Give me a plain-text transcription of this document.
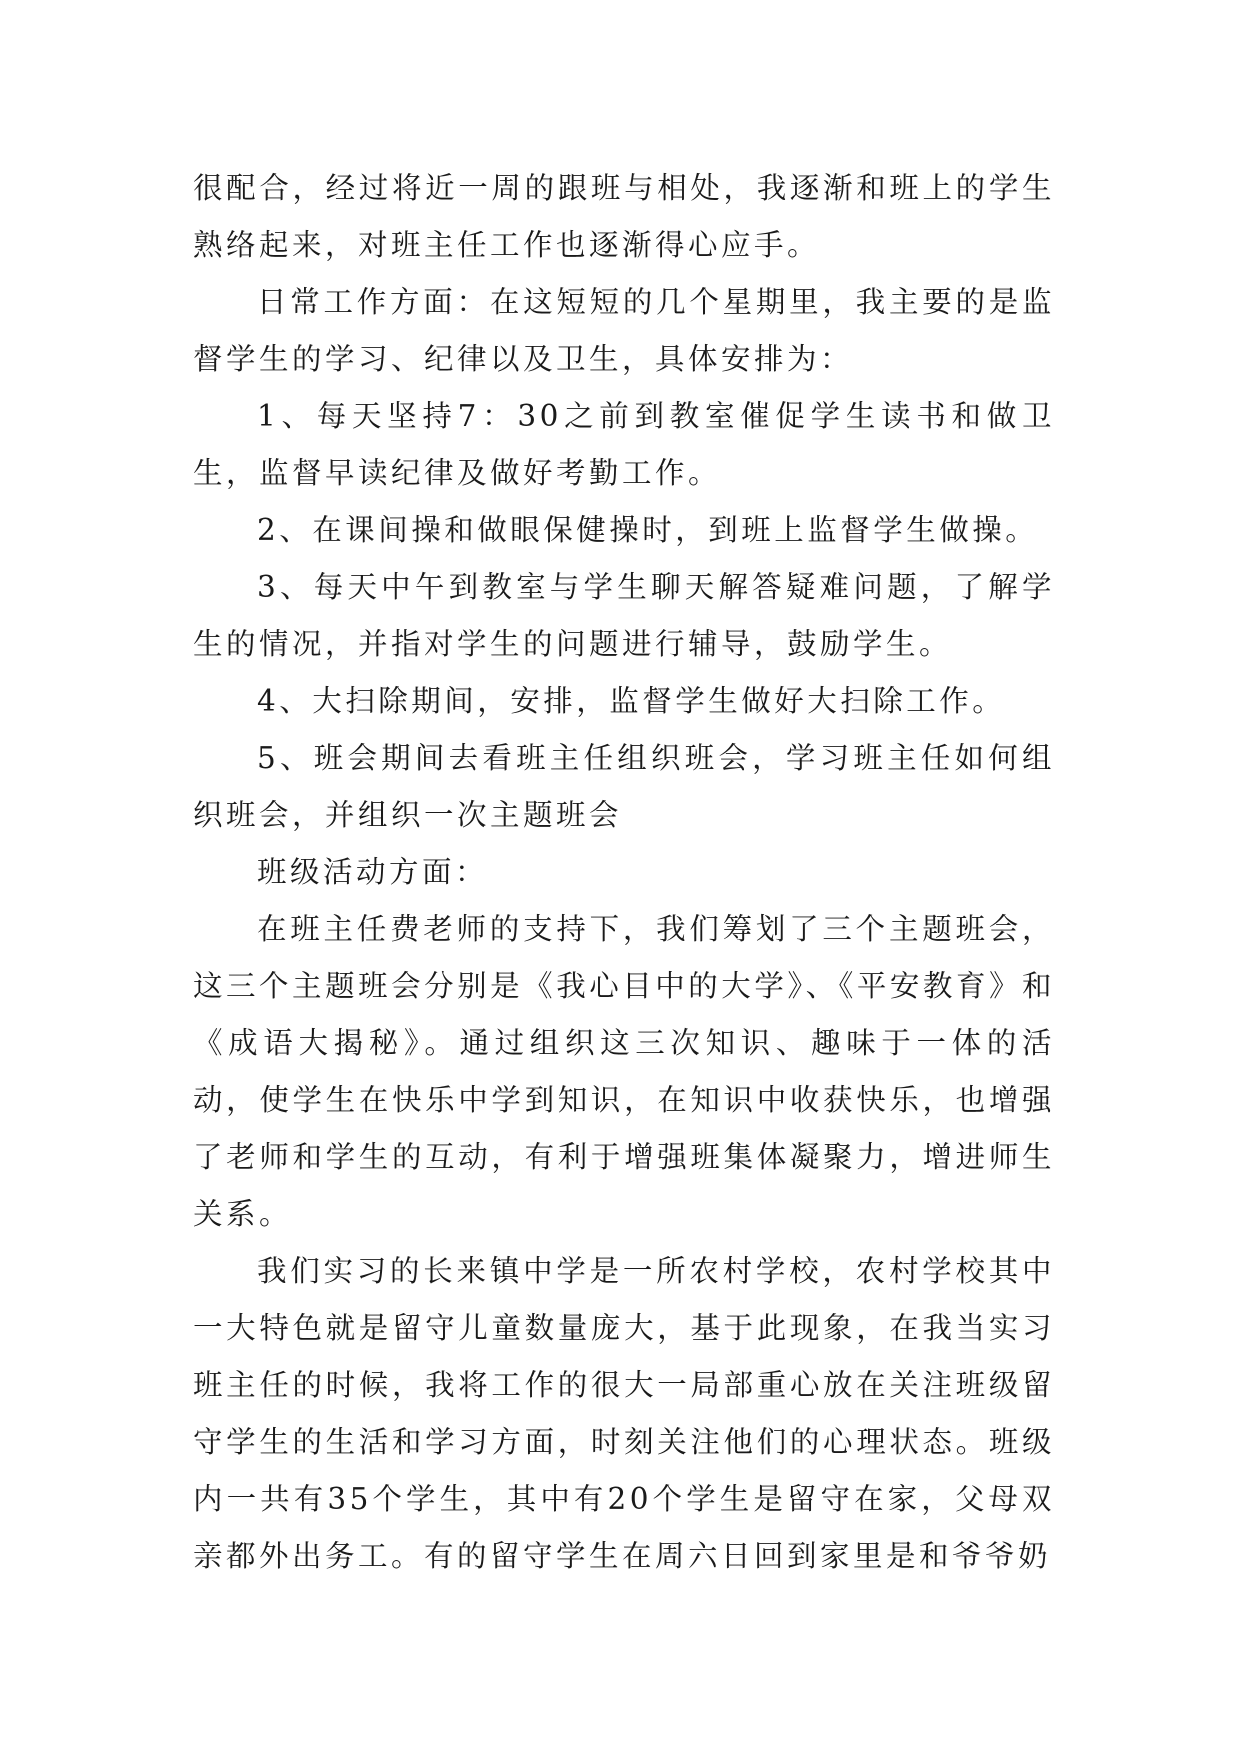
很配合，经过将近一周的跟班与相处，我逐渐和班上的学生熟络起来，对班主任工作也逐渐得心应手。

日常工作方面：在这短短的几个星期里，我主要的是监督学生的学习、纪律以及卫生，具体安排为：

1、每天坚持7：30之前到教室催促学生读书和做卫生，监督早读纪律及做好考勤工作。

2、在课间操和做眼保健操时，到班上监督学生做操。

3、每天中午到教室与学生聊天解答疑难问题，了解学生的情况，并指对学生的问题进行辅导，鼓励学生。

4、大扫除期间，安排，监督学生做好大扫除工作。

5、班会期间去看班主任组织班会，学习班主任如何组织班会，并组织一次主题班会

班级活动方面：

在班主任费老师的支持下，我们筹划了三个主题班会，这三个主题班会分别是《我心目中的大学》、《平安教育》和《成语大揭秘》。通过组织这三次知识、趣味于一体的活动，使学生在快乐中学到知识，在知识中收获快乐，也增强了老师和学生的互动，有利于增强班集体凝聚力，增进师生关系。

我们实习的长来镇中学是一所农村学校，农村学校其中一大特色就是留守儿童数量庞大，基于此现象，在我当实习班主任的时候，我将工作的很大一局部重心放在关注班级留守学生的生活和学习方面，时刻关注他们的心理状态。班级内一共有35个学生，其中有20个学生是留守在家，父母双亲都外出务工。有的留守学生在周六日回到家里是和爷爷奶
